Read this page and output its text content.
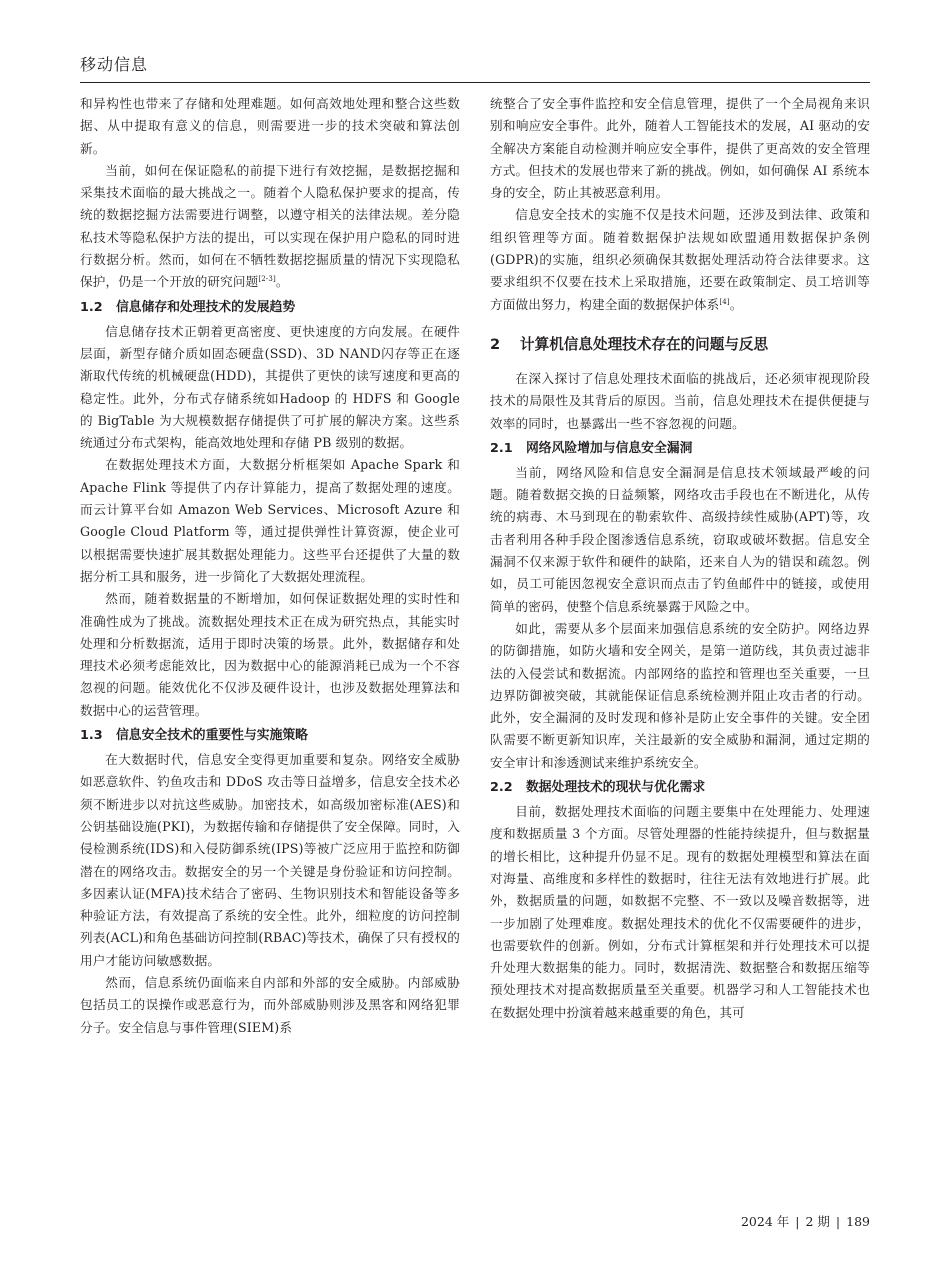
移动信息

和异构性也带来了存储和处理难题。如何高效地处理和整合这些数据、从中提取有意义的信息，则需要进一步的技术突破和算法创新。

当前，如何在保证隐私的前提下进行有效挖掘，是数据挖掘和采集技术面临的最大挑战之一。随着个人隐私保护要求的提高，传统的数据挖掘方法需要进行调整，以遵守相关的法律法规。差分隐私技术等隐私保护方法的提出，可以实现在保护用户隐私的同时进行数据分析。然而，如何在不牺牲数据挖掘质量的情况下实现隐私保护，仍是一个开放的研究问题[2-3]。

1.2 信息储存和处理技术的发展趋势

信息储存技术正朝着更高密度、更快速度的方向发展。在硬件层面，新型存储介质如固态硬盘(SSD)、3D NAND闪存等正在逐渐取代传统的机械硬盘(HDD)，其提供了更快的读写速度和更高的稳定性。此外，分布式存储系统如Hadoop 的 HDFS 和 Google 的 BigTable 为大规模数据存储提供了可扩展的解决方案。这些系统通过分布式架构，能高效地处理和存储 PB 级别的数据。

在数据处理技术方面，大数据分析框架如 Apache Spark 和 Apache Flink 等提供了内存计算能力，提高了数据处理的速度。而云计算平台如 Amazon Web Services、Microsoft Azure 和 Google Cloud Platform 等，通过提供弹性计算资源，使企业可以根据需要快速扩展其数据处理能力。这些平台还提供了大量的数据分析工具和服务，进一步简化了大数据处理流程。

然而，随着数据量的不断增加，如何保证数据处理的实时性和准确性成为了挑战。流数据处理技术正在成为研究热点，其能实时处理和分析数据流，适用于即时决策的场景。此外，数据储存和处理技术必须考虑能效比，因为数据中心的能源消耗已成为一个不容忽视的问题。能效优化不仅涉及硬件设计，也涉及数据处理算法和数据中心的运营管理。

1.3 信息安全技术的重要性与实施策略

在大数据时代，信息安全变得更加重要和复杂。网络安全威胁如恶意软件、钓鱼攻击和 DDoS 攻击等日益增多，信息安全技术必须不断进步以对抗这些威胁。加密技术，如高级加密标准(AES)和公钥基础设施(PKI)，为数据传输和存储提供了安全保障。同时，入侵检测系统(IDS)和入侵防御系统(IPS)等被广泛应用于监控和防御潜在的网络攻击。数据安全的另一个关键是身份验证和访问控制。多因素认证(MFA)技术结合了密码、生物识别技术和智能设备等多种验证方法，有效提高了系统的安全性。此外，细粒度的访问控制列表(ACL)和角色基础访问控制(RBAC)等技术，确保了只有授权的用户才能访问敏感数据。

然而，信息系统仍面临来自内部和外部的安全威胁。内部威胁包括员工的误操作或恶意行为，而外部威胁则涉及黑客和网络犯罪分子。安全信息与事件管理(SIEM)系

统整合了安全事件监控和安全信息管理，提供了一个全局视角来识别和响应安全事件。此外，随着人工智能技术的发展，AI 驱动的安全解决方案能自动检测并响应安全事件，提供了更高效的安全管理方式。但技术的发展也带来了新的挑战。例如，如何确保 AI 系统本身的安全，防止其被恶意利用。

信息安全技术的实施不仅是技术问题，还涉及到法律、政策和组织管理等方面。随着数据保护法规如欧盟通用数据保护条例(GDPR)的实施，组织必须确保其数据处理活动符合法律要求。这要求组织不仅要在技术上采取措施，还要在政策制定、员工培训等方面做出努力，构建全面的数据保护体系[4]。

2 计算机信息处理技术存在的问题与反思

在深入探讨了信息处理技术面临的挑战后，还必须审视现阶段技术的局限性及其背后的原因。当前，信息处理技术在提供便捷与效率的同时，也暴露出一些不容忽视的问题。

2.1 网络风险增加与信息安全漏洞

当前，网络风险和信息安全漏洞是信息技术领域最严峻的问题。随着数据交换的日益频繁，网络攻击手段也在不断进化，从传统的病毒、木马到现在的勒索软件、高级持续性威胁(APT)等，攻击者利用各种手段企图渗透信息系统，窃取或破坏数据。信息安全漏洞不仅来源于软件和硬件的缺陷，还来自人为的错误和疏忽。例如，员工可能因忽视安全意识而点击了钓鱼邮件中的链接，或使用简单的密码，使整个信息系统暴露于风险之中。

如此，需要从多个层面来加强信息系统的安全防护。网络边界的防御措施，如防火墙和安全网关，是第一道防线，其负责过滤非法的入侵尝试和数据流。内部网络的监控和管理也至关重要，一旦边界防御被突破，其就能保证信息系统检测并阻止攻击者的行动。此外，安全漏洞的及时发现和修补是防止安全事件的关键。安全团队需要不断更新知识库，关注最新的安全威胁和漏洞，通过定期的安全审计和渗透测试来维护系统安全。

2.2 数据处理技术的现状与优化需求

目前，数据处理技术面临的问题主要集中在处理能力、处理速度和数据质量 3 个方面。尽管处理器的性能持续提升，但与数据量的增长相比，这种提升仍显不足。现有的数据处理模型和算法在面对海量、高维度和多样性的数据时，往往无法有效地进行扩展。此外，数据质量的问题，如数据不完整、不一致以及噪音数据等，进一步加剧了处理难度。数据处理技术的优化不仅需要硬件的进步，也需要软件的创新。例如，分布式计算框架和并行处理技术可以提升处理大数据集的能力。同时，数据清洗、数据整合和数据压缩等预处理技术对提高数据质量至关重要。机器学习和人工智能技术也在数据处理中扮演着越来越重要的角色，其可

2024 年 | 2 期 | 189
